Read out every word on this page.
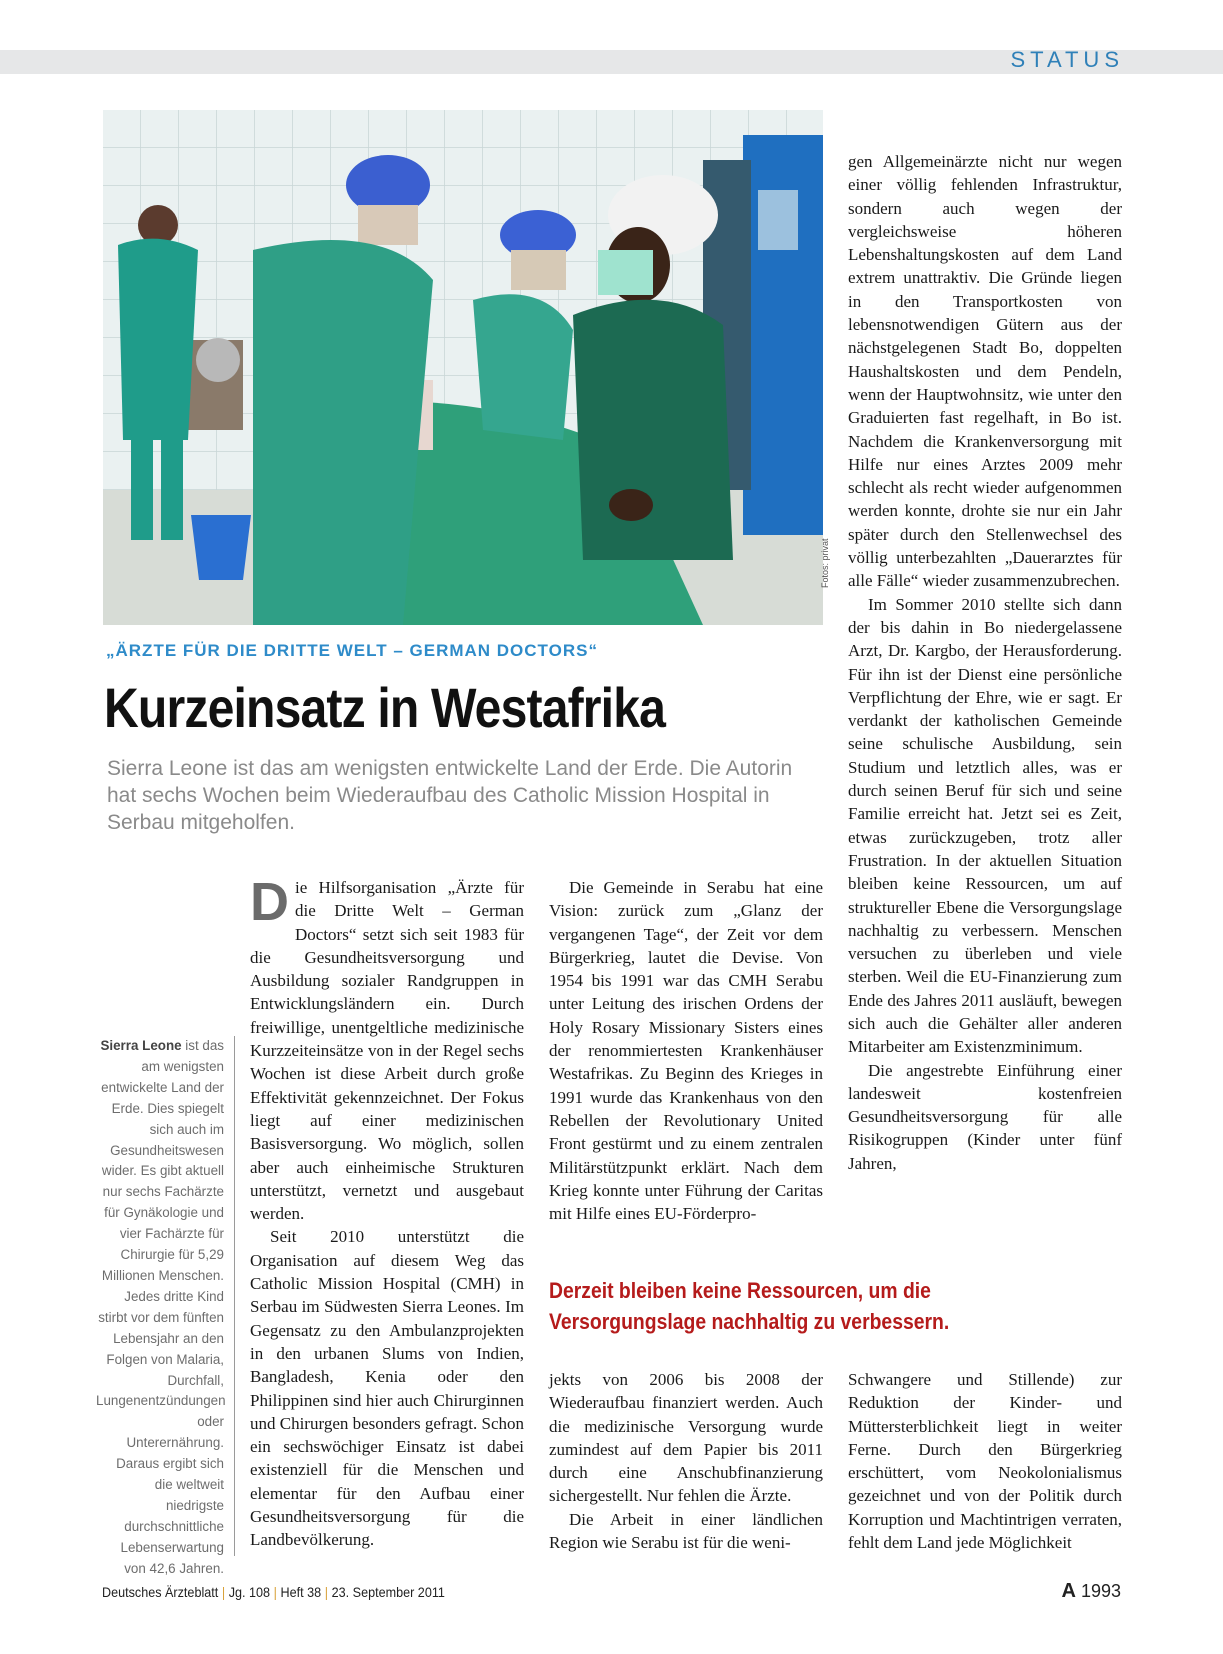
STATUS
Fotos: privat
„ÄRZTE FÜR DIE DRITTE WELT – GERMAN DOCTORS“
Kurzeinsatz in Westafrika
Sierra Leone ist das am wenigsten entwickelte Land der Erde. Die Autorin hat sechs Wochen beim Wiederaufbau des Catholic Mission Hospital in Serbau mitgeholfen.
Sierra Leone ist das am wenigsten entwickelte Land der Erde. Dies spiegelt sich auch im Gesundheitswesen wider. Es gibt aktuell nur sechs Fachärzte für Gynäkologie und vier Fachärzte für Chirurgie für 5,29 Millionen Menschen. Jedes dritte Kind stirbt vor dem fünften Lebensjahr an den Folgen von Malaria, Durchfall, Lungenentzündungen oder Unterernährung. Daraus ergibt sich die weltweit niedrigste durchschnittliche Lebenserwartung von 42,6 Jahren.

Die Hilfsorganisation „Ärzte für die Dritte Welt – German Doctors“ setzt sich seit 1983 für die Gesundheitsversorgung und Ausbildung sozialer Randgruppen in Entwicklungsländern ein. Durch freiwillige, unentgeltliche medizinische Kurzzeiteinsätze von in der Regel sechs Wochen ist diese Arbeit durch große Effektivität gekennzeichnet. Der Fokus liegt auf einer medizinischen Basisversorgung. Wo möglich, sollen aber auch einheimische Strukturen unterstützt, vernetzt und ausgebaut werden.

Seit 2010 unterstützt die Organisation auf diesem Weg das Catholic Mission Hospital (CMH) in Serbau im Südwesten Sierra Leones. Im Gegensatz zu den Ambulanzprojekten in den urbanen Slums von Indien, Bangladesh, Kenia oder den Philippinen sind hier auch Chirurginnen und Chirurgen besonders gefragt. Schon ein sechswöchiger Einsatz ist dabei existenziell für die Menschen und elementar für den Aufbau einer Gesundheitsversorgung für die Landbevölkerung.

Die Gemeinde in Serabu hat eine Vision: zurück zum „Glanz der vergangenen Tage“, der Zeit vor dem Bürgerkrieg, lautet die Devise. Von 1954 bis 1991 war das CMH Serabu unter Leitung des irischen Ordens der Holy Rosary Missionary Sisters eines der renommiertesten Krankenhäuser Westafrikas. Zu Beginn des Krieges in 1991 wurde das Krankenhaus von den Rebellen der Revolutionary United Front gestürmt und zu einem zentralen Militärstützpunkt erklärt. Nach dem Krieg konnte unter Führung der Caritas mit Hilfe eines EU-Förderpro-

jekts von 2006 bis 2008 der Wiederaufbau finanziert werden. Auch die medizinische Versorgung wurde zumindest auf dem Papier bis 2011 durch eine Anschubfinanzierung sichergestellt. Nur fehlen die Ärzte.

Die Arbeit in einer ländlichen Region wie Serabu ist für die weni-

gen Allgemeinärzte nicht nur wegen einer völlig fehlenden Infrastruktur, sondern auch wegen der vergleichsweise höheren Lebenshaltungskosten auf dem Land extrem unattraktiv. Die Gründe liegen in den Transportkosten von lebensnotwendigen Gütern aus der nächstgelegenen Stadt Bo, doppelten Haushaltskosten und dem Pendeln, wenn der Hauptwohnsitz, wie unter den Graduierten fast regelhaft, in Bo ist. Nachdem die Krankenversorgung mit Hilfe nur eines Arztes 2009 mehr schlecht als recht wieder aufgenommen werden konnte, drohte sie nur ein Jahr später durch den Stellenwechsel des völlig unterbezahlten „Dauerarztes für alle Fälle“ wieder zusammenzubrechen.

Im Sommer 2010 stellte sich dann der bis dahin in Bo niedergelassene Arzt, Dr. Kargbo, der Herausforderung. Für ihn ist der Dienst eine persönliche Verpflichtung der Ehre, wie er sagt. Er verdankt der katholischen Gemeinde seine schulische Ausbildung, sein Studium und letztlich alles, was er durch seinen Beruf für sich und seine Familie erreicht hat. Jetzt sei es Zeit, etwas zurückzugeben, trotz aller Frustration. In der aktuellen Situation bleiben keine Ressourcen, um auf struktureller Ebene die Versorgungslage nachhaltig zu verbessern. Menschen versuchen zu überleben und viele sterben. Weil die EU-Finanzierung zum Ende des Jahres 2011 ausläuft, bewegen sich auch die Gehälter aller anderen Mitarbeiter am Existenzminimum.

Die angestrebte Einführung einer landesweit kostenfreien Gesundheitsversorgung für alle Risikogruppen (Kinder unter fünf Jahren,

Schwangere und Stillende) zur Reduktion der Kinder- und Müttersterblichkeit liegt in weiter Ferne. Durch den Bürgerkrieg erschüttert, vom Neokolonialismus gezeichnet und von der Politik durch Korruption und Machtintrigen verraten, fehlt dem Land jede Möglichkeit

Derzeit bleiben keine Ressourcen, um die
Versorgungslage nachhaltig zu verbessern.
Deutsches Ärzteblatt | Jg. 108 | Heft 38 | 23. September 2011	A 1993
